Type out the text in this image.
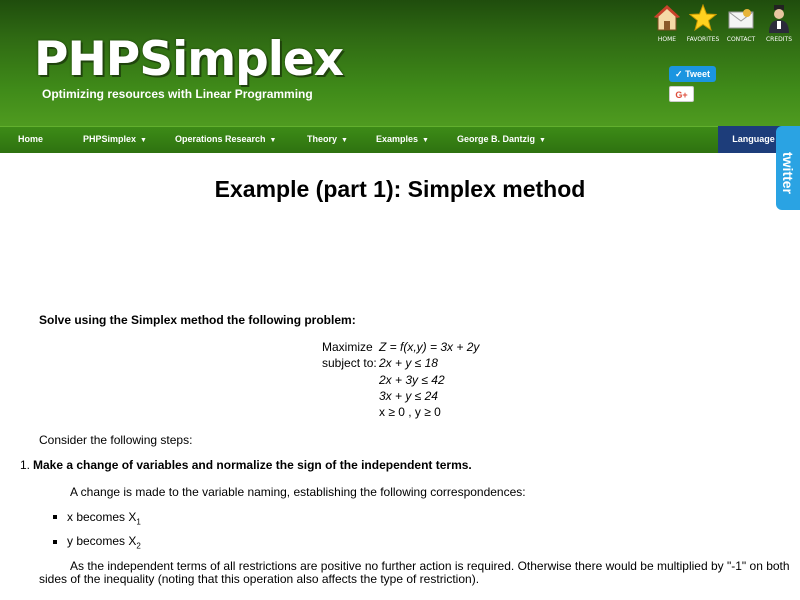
PHPSimplex
Optimizing resources with Linear Programming
HOME	FAVORITES	CONTACT	CREDITS
✓ Tweet
G+
Home	PHPSimplex ▼	Operations Research ▼	Theory ▼	Examples ▼	George B. Dantzig ▼	Language
twitter
Example (part 1): Simplex method
Solve using the Simplex method the following problem:
Maximize Z = f(x,y) = 3x + 2y
subject to: 2x + y ≤ 18
2x + 3y ≤ 42
3x + y ≤ 24
x ≥ 0 , y ≥ 0
Consider the following steps:
1. Make a change of variables and normalize the sign of the independent terms.
A change is made to the variable naming, establishing the following correspondences:
x becomes $X_1$
y becomes $X_2$
As the independent terms of all restrictions are positive no further action is required. Otherwise there would be multiplied by "-1" on both
sides of the inequality (noting that this operation also affects the type of restriction).
